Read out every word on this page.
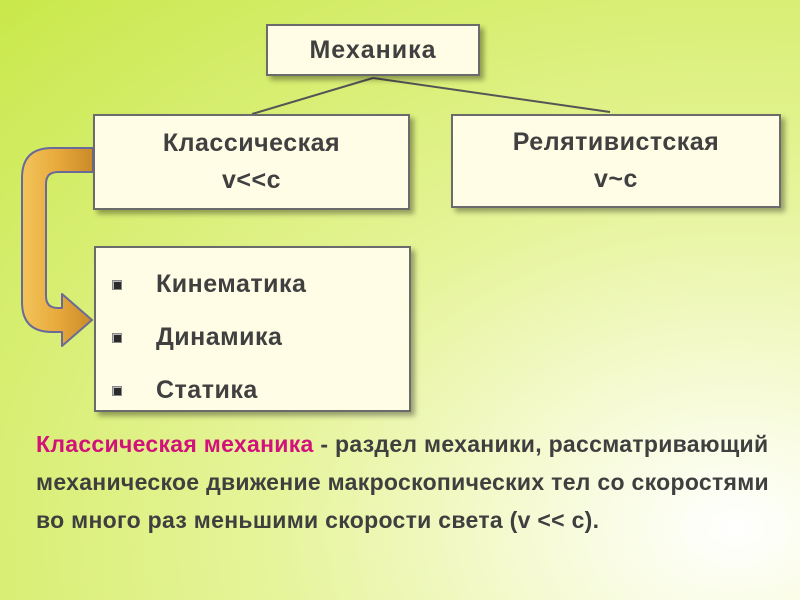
Механика
Классическая
v<<c
Релятивистская
v~c
Кинематика
Динамика
Статика
Классическая механика - раздел механики, рассматривающий механическое движение макроскопических тел со скоростями во много раз меньшими скорости света (v << c).
